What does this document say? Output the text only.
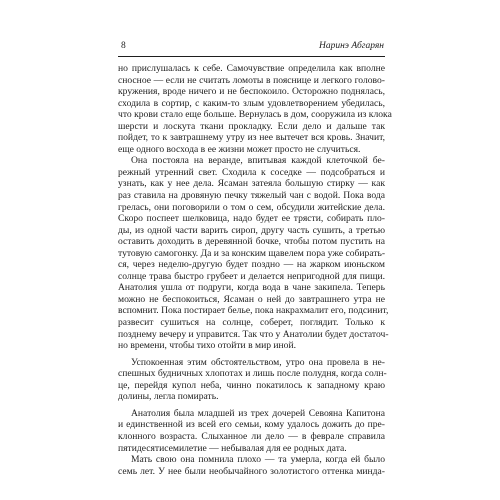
8	Наринэ Абгарян
но прислушалась к себе. Самочувствие определила как вполне
сносное — если не считать ломоты в пояснице и легкого голово-
кружения, вроде ничего и не беспокоило. Осторожно поднялась,
сходила в сортир, с каким-то злым удовлетворением убедилась,
что крови стало еще больше. Вернулась в дом, сооружила из клока
шерсти и лоскута ткани прокладку. Если дело и дальше так
пойдет, то к завтрашнему утру из нее вытечет вся кровь. Значит,
еще одного восхода в ее жизни может просто не случиться.
Она постояла на веранде, впитывая каждой клеточкой бе-
режный утренний свет. Сходила к соседке — подсобраться и
узнать, как у нее дела. Ясаман затеяла большую стирку — как
раз ставила на дровяную печку тяжелый чан с водой. Пока вода
грелась, они поговорили о том о сем, обсудили житейские дела.
Скоро поспеет шелковица, надо будет ее трясти, собирать пло-
ды, из одной части варить сироп, другу часть сушить, а третью
оставить доходить в деревянной бочке, чтобы потом пустить на
тутовую самогонку. Да и за конским щавелем пора уже собирать-
ся, через неделю-другую будет поздно — на жарком июньском
солнце трава быстро грубеет и делается непригодной для пищи.
Анатолия ушла от подруги, когда вода в чане закипела. Теперь
можно не беспокоиться, Ясаман о ней до завтрашнего утра не
вспомнит. Пока постирает белье, пока накрахмалит его, подсинит,
развесит сушиться на солнце, соберет, поглядит. Только к
позднему вечеру и управится. Так что у Анатолии будет достаточ-
но времени, чтобы тихо отойти в мир иной.
Успокоенная этим обстоятельством, утро она провела в не-
спешных будничных хлопотах и лишь после полудня, когда солн-
це, перейдя купол неба, чинно покатилось к западному краю
долины, легла помирать.
Анатолия была младшей из трех дочерей Севояна Капитона
и единственной из всей его семьи, кому удалось дожить до пре-
клонного возраста. Слыханное ли дело — в феврале справила
пятидесятисемилетие — небывалая для ее родных дата.
Мать свою она помнила плохо — та умерла, когда ей было
семь лет. У нее были необычайного золотистого оттенка минда-
